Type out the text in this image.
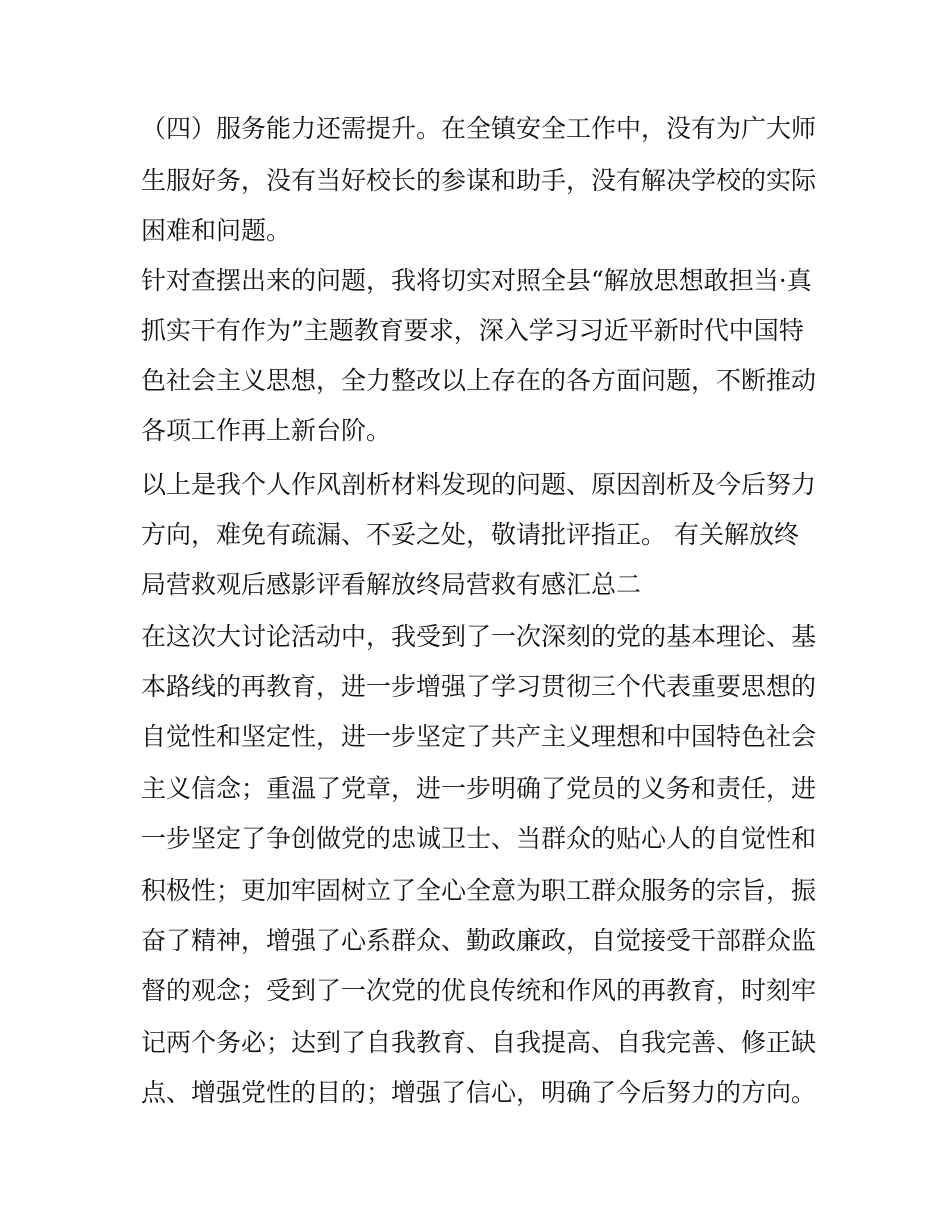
（四）服务能力还需提升。在全镇安全工作中，没有为广大师

生服好务，没有当好校长的参谋和助手，没有解决学校的实际

困难和问题。

针对查摆出来的问题，我将切实对照全县“解放思想敢担当·真

抓实干有作为”主题教育要求，深入学习习近平新时代中国特

色社会主义思想，全力整改以上存在的各方面问题，不断推动

各项工作再上新台阶。

以上是我个人作风剖析材料发现的问题、原因剖析及今后努力

方向，难免有疏漏、不妥之处，敬请批评指正。 有关解放终

局营救观后感影评看解放终局营救有感汇总二

在这次大讨论活动中，我受到了一次深刻的党的基本理论、基

本路线的再教育，进一步增强了学习贯彻三个代表重要思想的

自觉性和坚定性，进一步坚定了共产主义理想和中国特色社会

主义信念；重温了党章，进一步明确了党员的义务和责任，进

一步坚定了争创做党的忠诚卫士、当群众的贴心人的自觉性和

积极性；更加牢固树立了全心全意为职工群众服务的宗旨，振

奋了精神，增强了心系群众、勤政廉政，自觉接受干部群众监

督的观念；受到了一次党的优良传统和作风的再教育，时刻牢

记两个务必；达到了自我教育、自我提高、自我完善、修正缺

点、增强党性的目的；增强了信心，明确了今后努力的方向。
